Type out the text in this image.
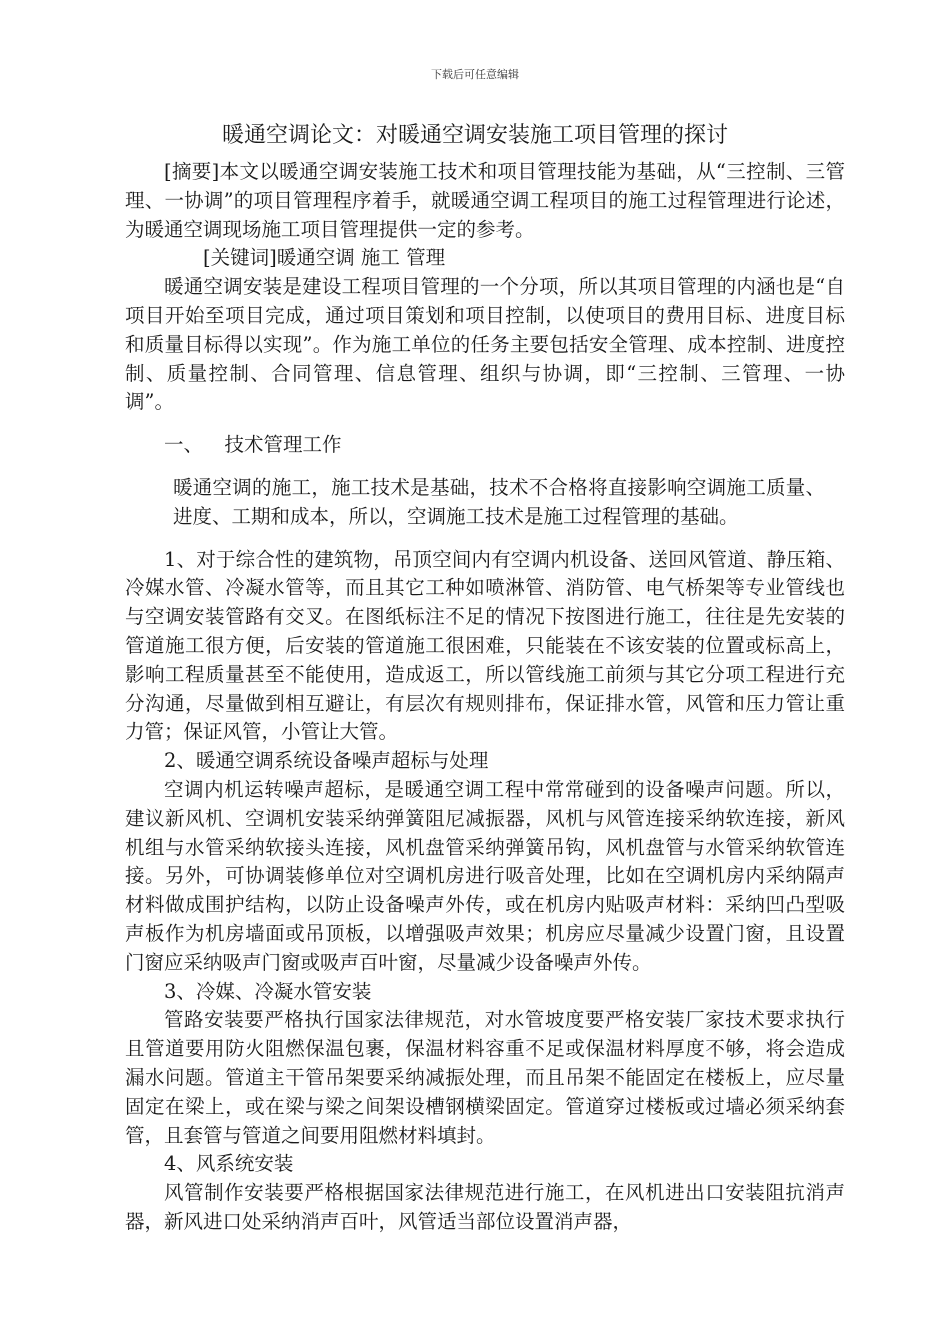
下载后可任意编辑
暖通空调论文：对暖通空调安装施工项目管理的探讨

[摘要]本文以暖通空调安装施工技术和项目管理技能为基础，从“三控制、三管理、一协调”的项目管理程序着手，就暖通空调工程项目的施工过程管理进行论述，为暖通空调现场施工项目管理提供一定的参考。

[关键词]暖通空调 施工 管理

暖通空调安装是建设工程项目管理的一个分项，所以其项目管理的内涵也是“自项目开始至项目完成，通过项目策划和项目控制，以使项目的费用目标、进度目标和质量目标得以实现”。作为施工单位的任务主要包括安全管理、成本控制、进度控制、质量控制、合同管理、信息管理、组织与协调，即“三控制、三管理、一协调”。

一、 技术管理工作

暖通空调的施工，施工技术是基础，技术不合格将直接影响空调施工质量、进度、工期和成本，所以，空调施工技术是施工过程管理的基础。

1、对于综合性的建筑物，吊顶空间内有空调内机设备、送回风管道、静压箱、冷媒水管、冷凝水管等，而且其它工种如喷淋管、消防管、电气桥架等专业管线也与空调安装管路有交叉。在图纸标注不足的情况下按图进行施工，往往是先安装的管道施工很方便，后安装的管道施工很困难，只能装在不该安装的位置或标高上，影响工程质量甚至不能使用，造成返工，所以管线施工前须与其它分项工程进行充分沟通，尽量做到相互避让，有层次有规则排布，保证排水管，风管和压力管让重力管；保证风管，小管让大管。

2、暖通空调系统设备噪声超标与处理

空调内机运转噪声超标，是暖通空调工程中常常碰到的设备噪声问题。所以，建议新风机、空调机安装采纳弹簧阻尼减振器，风机与风管连接采纳软连接，新风机组与水管采纳软接头连接，风机盘管采纳弹簧吊钩，风机盘管与水管采纳软管连接。另外，可协调装修单位对空调机房进行吸音处理，比如在空调机房内采纳隔声材料做成围护结构，以防止设备噪声外传，或在机房内贴吸声材料：采纳凹凸型吸声板作为机房墙面或吊顶板，以增强吸声效果；机房应尽量减少设置门窗，且设置门窗应采纳吸声门窗或吸声百叶窗，尽量减少设备噪声外传。

3、冷媒、冷凝水管安装

管路安装要严格执行国家法律规范，对水管坡度要严格安装厂家技术要求执行且管道要用防火阻燃保温包裹，保温材料容重不足或保温材料厚度不够，将会造成漏水问题。管道主干管吊架要采纳减振处理，而且吊架不能固定在楼板上，应尽量固定在梁上，或在梁与梁之间架设槽钢横梁固定。管道穿过楼板或过墙必须采纳套管，且套管与管道之间要用阻燃材料填封。

4、风系统安装

风管制作安装要严格根据国家法律规范进行施工，在风机进出口安装阻抗消声器，新风进口处采纳消声百叶，风管适当部位设置消声器，
